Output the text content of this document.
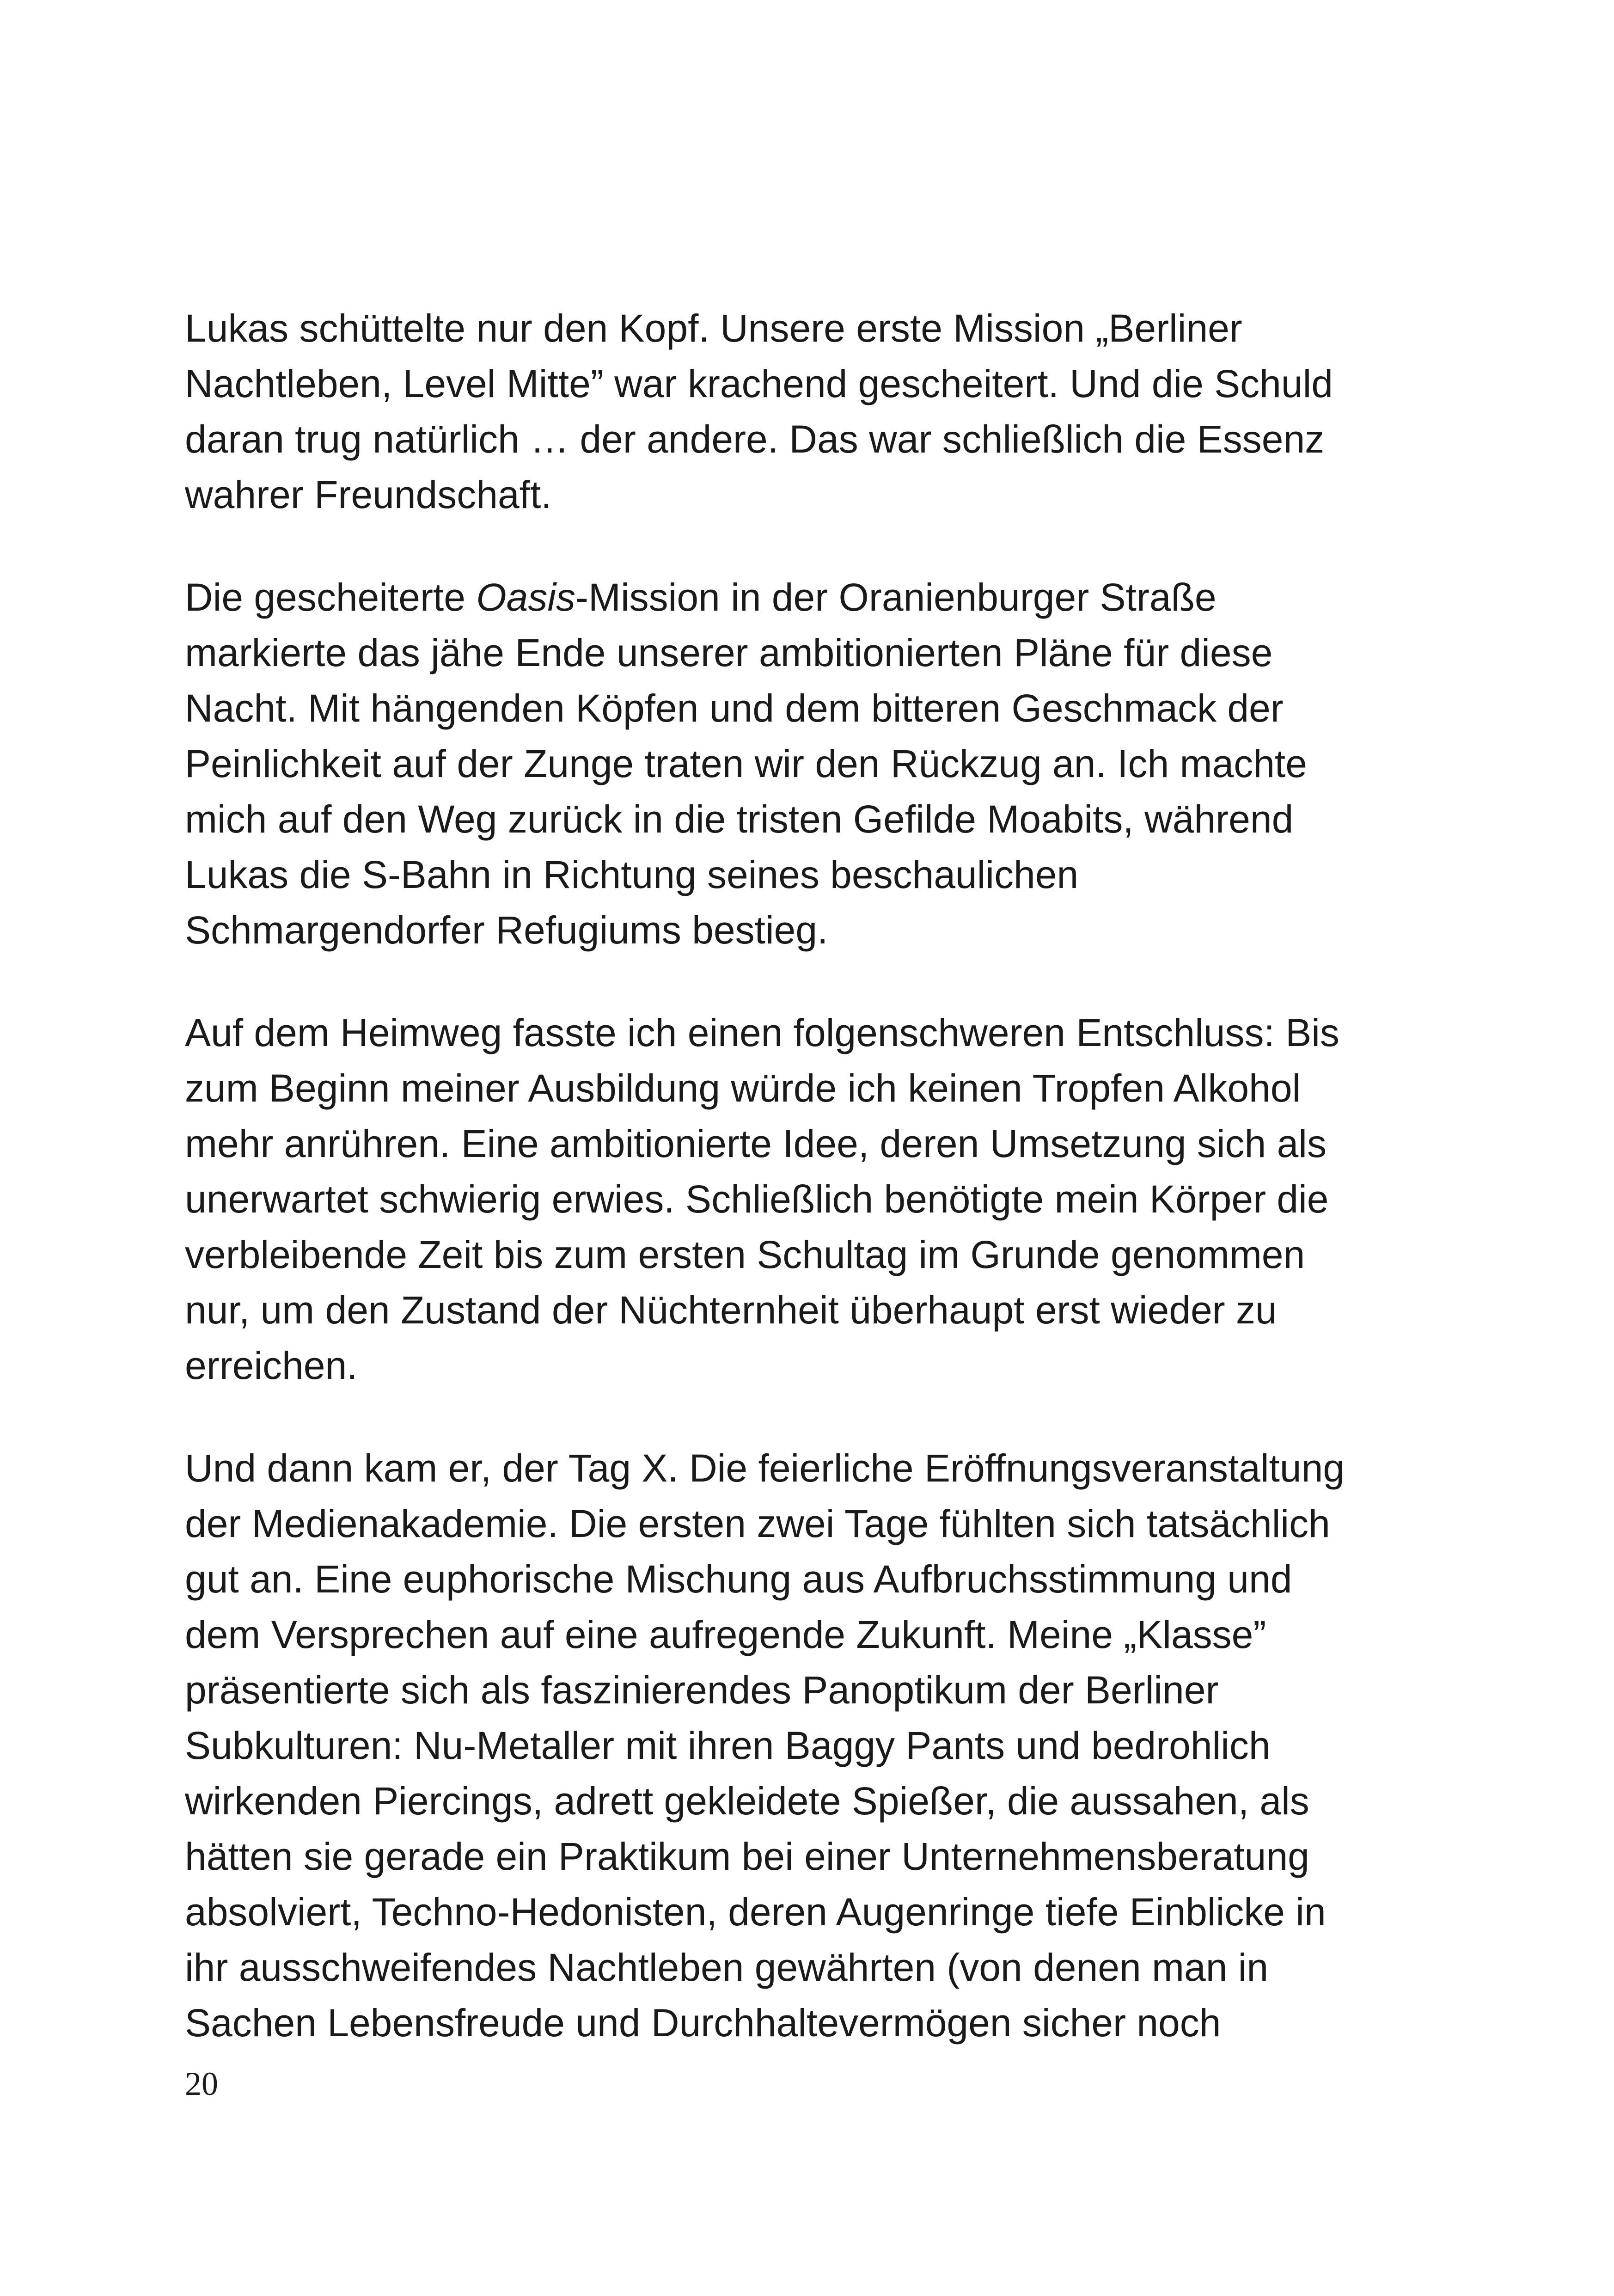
Lukas schüttelte nur den Kopf. Unsere erste Mission „Berliner
Nachtleben, Level Mitte” war krachend gescheitert. Und die Schuld
daran trug natürlich … der andere. Das war schließlich die Essenz
wahrer Freundschaft.

Die gescheiterte Oasis-Mission in der Oranienburger Straße
markierte das jähe Ende unserer ambitionierten Pläne für diese
Nacht. Mit hängenden Köpfen und dem bitteren Geschmack der
Peinlichkeit auf der Zunge traten wir den Rückzug an. Ich machte
mich auf den Weg zurück in die tristen Gefilde Moabits, während
Lukas die S-Bahn in Richtung seines beschaulichen
Schmargendorfer Refugiums bestieg.

Auf dem Heimweg fasste ich einen folgenschweren Entschluss: Bis
zum Beginn meiner Ausbildung würde ich keinen Tropfen Alkohol
mehr anrühren. Eine ambitionierte Idee, deren Umsetzung sich als
unerwartet schwierig erwies. Schließlich benötigte mein Körper die
verbleibende Zeit bis zum ersten Schultag im Grunde genommen
nur, um den Zustand der Nüchternheit überhaupt erst wieder zu
erreichen.

Und dann kam er, der Tag X. Die feierliche Eröffnungsveranstaltung
der Medienakademie. Die ersten zwei Tage fühlten sich tatsächlich
gut an. Eine euphorische Mischung aus Aufbruchsstimmung und
dem Versprechen auf eine aufregende Zukunft. Meine „Klasse”
präsentierte sich als faszinierendes Panoptikum der Berliner
Subkulturen: Nu-Metaller mit ihren Baggy Pants und bedrohlich
wirkenden Piercings, adrett gekleidete Spießer, die aussahen, als
hätten sie gerade ein Praktikum bei einer Unternehmensberatung
absolviert, Techno-Hedonisten, deren Augenringe tiefe Einblicke in
ihr ausschweifendes Nachtleben gewährten (von denen man in
Sachen Lebensfreude und Durchhaltevermögen sicher noch

20
